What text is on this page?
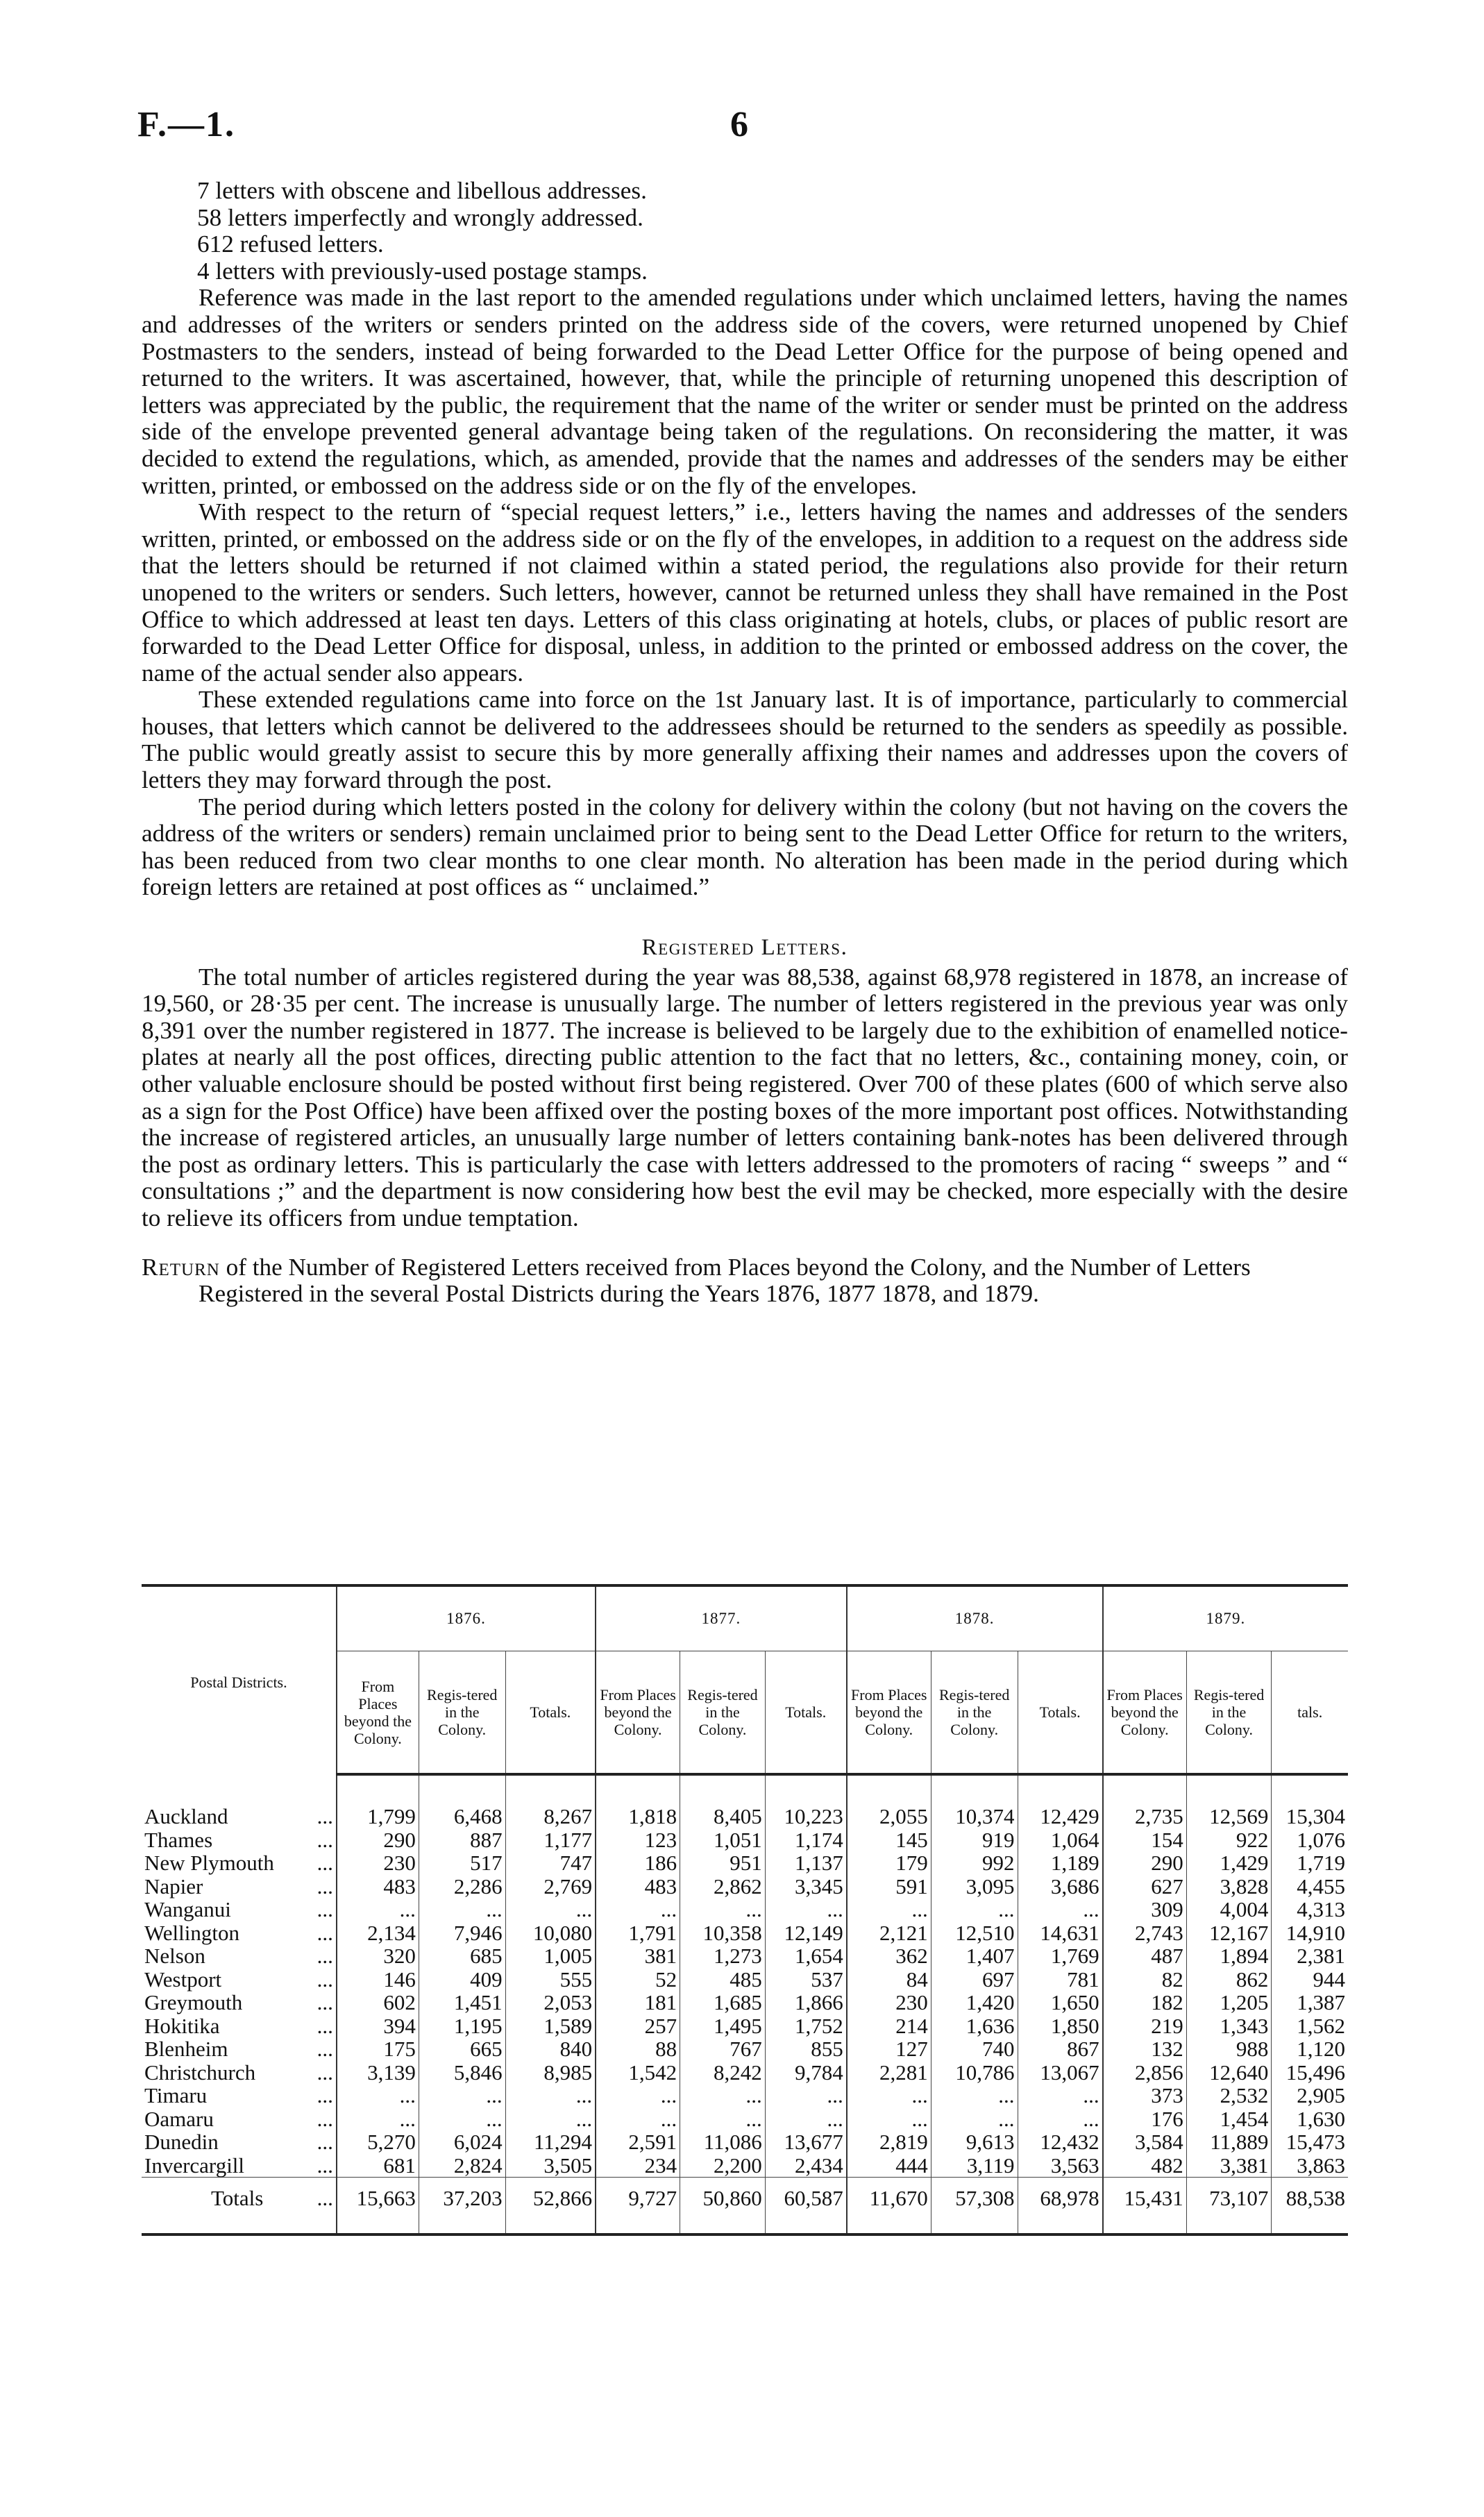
F.—1.	6
7 letters with obscene and libellous addresses.
58 letters imperfectly and wrongly addressed.
612 refused letters.
4 letters with previously-used postage stamps.

Reference was made in the last report to the amended regulations under which unclaimed letters, having the names and addresses of the writers or senders printed on the address side of the covers, were returned unopened by Chief Postmasters to the senders, instead of being forwarded to the Dead Letter Office for the purpose of being opened and returned to the writers. It was ascertained, however, that, while the principle of returning unopened this description of letters was appreciated by the public, the requirement that the name of the writer or sender must be printed on the address side of the envelope prevented general advantage being taken of the regulations. On reconsidering the matter, it was decided to extend the regulations, which, as amended, provide that the names and addresses of the senders may be either written, printed, or embossed on the address side or on the fly of the envelopes.

With respect to the return of “special request letters,” i.e., letters having the names and addresses of the senders written, printed, or embossed on the address side or on the fly of the envelopes, in addition to a request on the address side that the letters should be returned if not claimed within a stated period, the regulations also provide for their return unopened to the writers or senders. Such letters, however, cannot be returned unless they shall have remained in the Post Office to which addressed at least ten days. Letters of this class originating at hotels, clubs, or places of public resort are forwarded to the Dead Letter Office for disposal, unless, in addition to the printed or embossed address on the cover, the name of the actual sender also appears.

These extended regulations came into force on the 1st January last. It is of importance, particularly to commercial houses, that letters which cannot be delivered to the addressees should be returned to the senders as speedily as possible. The public would greatly assist to secure this by more generally affixing their names and addresses upon the covers of letters they may forward through the post.

The period during which letters posted in the colony for delivery within the colony (but not having on the covers the address of the writers or senders) remain unclaimed prior to being sent to the Dead Letter Office for return to the writers, has been reduced from two clear months to one clear month. No alteration has been made in the period during which foreign letters are retained at post offices as “ unclaimed.”

Registered Letters.

The total number of articles registered during the year was 88,538, against 68,978 registered in 1878, an increase of 19,560, or 28·35 per cent. The increase is unusually large. The number of letters registered in the previous year was only 8,391 over the number registered in 1877. The increase is believed to be largely due to the exhibition of enamelled notice-plates at nearly all the post offices, directing public attention to the fact that no letters, &c., containing money, coin, or other valuable enclosure should be posted without first being registered. Over 700 of these plates (600 of which serve also as a sign for the Post Office) have been affixed over the posting boxes of the more important post offices. Notwithstanding the increase of registered articles, an unusually large number of letters containing bank-notes has been delivered through the post as ordinary letters. This is particularly the case with letters addressed to the promoters of racing “ sweeps ” and “ consultations ;” and the department is now considering how best the evil may be checked, more especially with the desire to relieve its officers from undue temptation.

Return of the Number of Registered Letters received from Places beyond the Colony, and the Number of Letters Registered in the several Postal Districts during the Years 1876, 1877 1878, and 1879.

Postal Districts.		1876.			1877.			1878.			1879.		
		From Places beyond the Colony.	Regis-tered in the Colony.	Totals.	From Places beyond the Colony.	Regis-tered in the Colony.	Totals.	From Places beyond the Colony.	Regis-tered in the Colony.	Totals.	From Places beyond the Colony.	Regis-tered in the Colony.	tals.

Auckland	...	1,799	6,468	8,267	1,818	8,405	10,223	2,055	10,374	12,429	2,735	12,569	15,304
Thames	...	290	887	1,177	123	1,051	1,174	145	919	1,064	154	922	1,076
New Plymouth	...	230	517	747	186	951	1,137	179	992	1,189	290	1,429	1,719
Napier	...	483	2,286	2,769	483	2,862	3,345	591	3,095	3,686	627	3,828	4,455
Wanganui	...	...	...	...	...	...	...	...	...	...	309	4,004	4,313
Wellington	...	2,134	7,946	10,080	1,791	10,358	12,149	2,121	12,510	14,631	2,743	12,167	14,910
Nelson	...	320	685	1,005	381	1,273	1,654	362	1,407	1,769	487	1,894	2,381
Westport	...	146	409	555	52	485	537	84	697	781	82	862	944
Greymouth	...	602	1,451	2,053	181	1,685	1,866	230	1,420	1,650	182	1,205	1,387
Hokitika	...	394	1,195	1,589	257	1,495	1,752	214	1,636	1,850	219	1,343	1,562
Blenheim	...	175	665	840	88	767	855	127	740	867	132	988	1,120
Christchurch	...	3,139	5,846	8,985	1,542	8,242	9,784	2,281	10,786	13,067	2,856	12,640	15,496
Timaru	...	...	...	...	...	...	...	...	...	...	373	2,532	2,905
Oamaru	...	...	...	...	...	...	...	...	...	...	176	1,454	1,630
Dunedin	...	5,270	6,024	11,294	2,591	11,086	13,677	2,819	9,613	12,432	3,584	11,889	15,473
Invercargill	...	681	2,824	3,505	234	2,200	2,434	444	3,119	3,563	482	3,381	3,863
Totals	...	15,663	37,203	52,866	9,727	50,860	60,587	11,670	57,308	68,978	15,431	73,107	88,538
